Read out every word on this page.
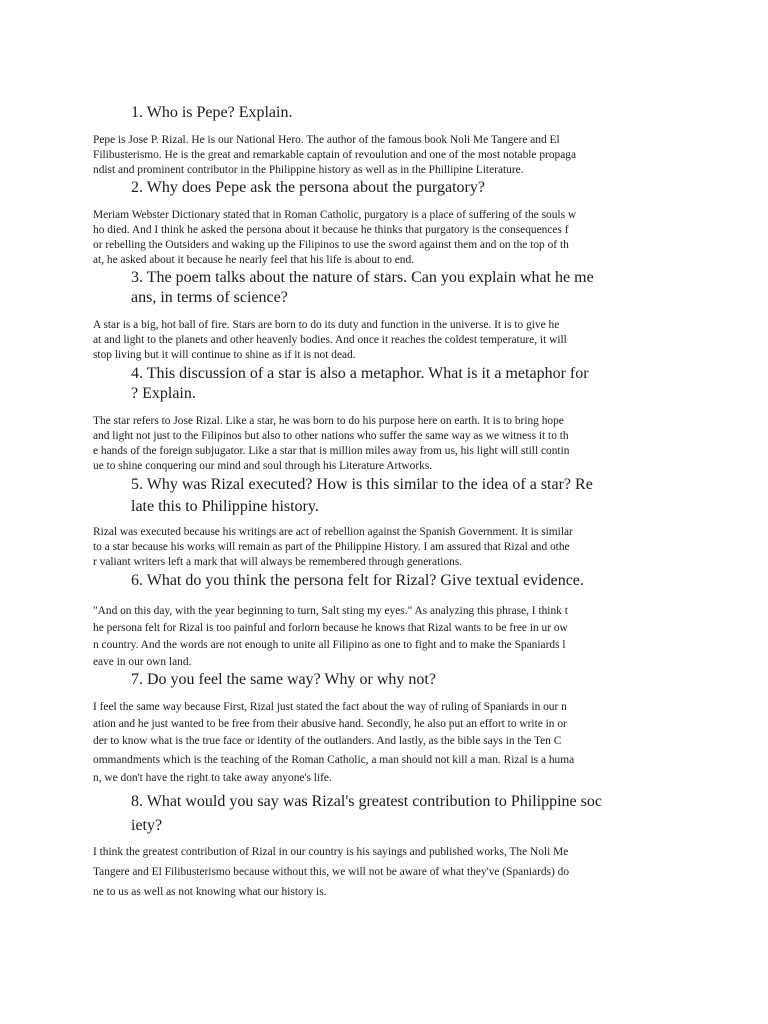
1. Who is Pepe? Explain.
Pepe is Jose P. Rizal. He is our National Hero. The author of the famous book Noli Me Tangere and El
Filibusterismo. He is the great and remarkable captain of revoulution and one of the most notable propaga
ndist and prominent contributor in the Philippine history as well as in the Phillipine Literature.
2. Why does Pepe ask the persona about the purgatory?
Meriam Webster Dictionary stated that in Roman Catholic, purgatory is a place of suffering of the souls w
ho died. And I think he asked the persona about it because he thinks that purgatory is the consequences f
or rebelling the Outsiders and waking up the Filipinos to use the sword against them and on the top of th
at, he asked about it because he nearly feel that his life is about to end.
3. The poem talks about the nature of stars. Can you explain what he me
ans, in terms of science?
A star is a big, hot ball of fire. Stars are born to do its duty and function in the universe. It is to give he
at and light to the planets and other heavenly bodies. And once it reaches the coldest temperature, it will
stop living but it will continue to shine as if it is not dead.
4. This discussion of a star is also a metaphor. What is it a metaphor for
? Explain.
The star refers to Jose Rizal. Like a star, he was born to do his purpose here on earth. It is to bring hope
and light not just to the Filipinos but also to other nations who suffer the same way as we witness it to th
e hands of the foreign subjugator. Like a star that is million miles away from us, his light will still contin
ue to shine conquering our mind and soul through his Literature Artworks.
5. Why was Rizal executed? How is this similar to the idea of a star? Re
late this to Philippine history.
Rizal was executed because his writings are act of rebellion against the Spanish Government. It is similar
to a star because his works will remain as part of the Philippine History. I am assured that Rizal and othe
r valiant writers left a mark that will always be remembered through generations.
6. What do you think the persona felt for Rizal? Give textual evidence.
"And on this day, with the year beginning to turn, Salt sting my eyes." As analyzing this phrase, I think t
he persona felt for Rizal is too painful and forlorn because he knows that Rizal wants to be free in ur ow
n country. And the words are not enough to unite all Filipino as one to fight and to make the Spaniards l
eave in our own land.
7. Do you feel the same way? Why or why not?
I feel the same way because First, Rizal just stated the fact about the way of ruling of Spaniards in our n
ation and he just wanted to be free from their abusive hand. Secondly, he also put an effort to write in or
der to know what is the true face or identity of the outlanders. And lastly, as the bible says in the Ten C
ommandments which is the teaching of the Roman Catholic, a man should not kill a man. Rizal is a huma
n, we don't have the right to take away anyone's life.
8. What would you say was Rizal's greatest contribution to Philippine soc
iety?
I think the greatest contribution of Rizal in our country is his sayings and published works, The Noli Me
Tangere and El Filibusterismo because without this, we will not be aware of what they've (Spaniards) do
ne to us as well as not knowing what our history is.
